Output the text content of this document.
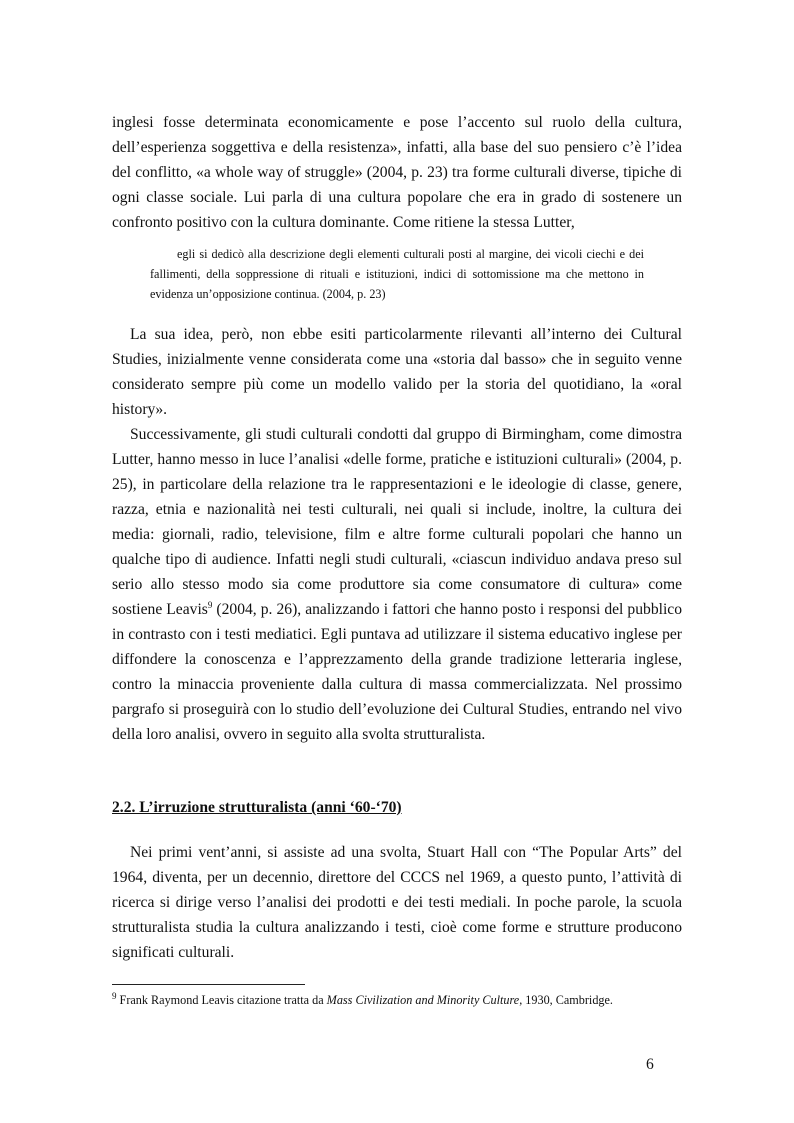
inglesi fosse determinata economicamente e pose l’accento sul ruolo della cultura, dell’esperienza soggettiva e della resistenza», infatti, alla base del suo pensiero c’è l’idea del conflitto, «a whole way of struggle» (2004, p. 23) tra forme culturali diverse, tipiche di ogni classe sociale. Lui parla di una cultura popolare che era in grado di sostenere un confronto positivo con la cultura dominante. Come ritiene la stessa Lutter,

egli si dedicò alla descrizione degli elementi culturali posti al margine, dei vicoli ciechi e dei fallimenti, della soppressione di rituali e istituzioni, indici di sottomissione ma che mettono in evidenza un’opposizione continua. (2004, p. 23)

La sua idea, però, non ebbe esiti particolarmente rilevanti all’interno dei Cultural Studies, inizialmente venne considerata come una «storia dal basso» che in seguito venne considerato sempre più come un modello valido per la storia del quotidiano, la «oral history».

Successivamente, gli studi culturali condotti dal gruppo di Birmingham, come dimostra Lutter, hanno messo in luce l’analisi «delle forme, pratiche e istituzioni culturali» (2004, p. 25), in particolare della relazione tra le rappresentazioni e le ideologie di classe, genere, razza, etnia e nazionalità nei testi culturali, nei quali si include, inoltre, la cultura dei media: giornali, radio, televisione, film e altre forme culturali popolari che hanno un qualche tipo di audience. Infatti negli studi culturali, «ciascun individuo andava preso sul serio allo stesso modo sia come produttore sia come consumatore di cultura» come sostiene Leavis$^9$ (2004, p. 26), analizzando i fattori che hanno posto i responsi del pubblico in contrasto con i testi mediatici. Egli puntava ad utilizzare il sistema educativo inglese per diffondere la conoscenza e l’apprezzamento della grande tradizione letteraria inglese, contro la minaccia proveniente dalla cultura di massa commercializzata. Nel prossimo pargrafo si proseguirà con lo studio dell’evoluzione dei Cultural Studies, entrando nel vivo della loro analisi, ovvero in seguito alla svolta strutturalista.

2.2. L’irruzione strutturalista (anni ‘60-‘70)

Nei primi vent’anni, si assiste ad una svolta, Stuart Hall con “The Popular Arts” del 1964, diventa, per un decennio, direttore del CCCS nel 1969, a questo punto, l’attività di ricerca si dirige verso l’analisi dei prodotti e dei testi mediali. In poche parole, la scuola strutturalista studia la cultura analizzando i testi, cioè come forme e strutture producono significati culturali.

$^9$ Frank Raymond Leavis citazione tratta da Mass Civilization and Minority Culture, 1930, Cambridge.
6
